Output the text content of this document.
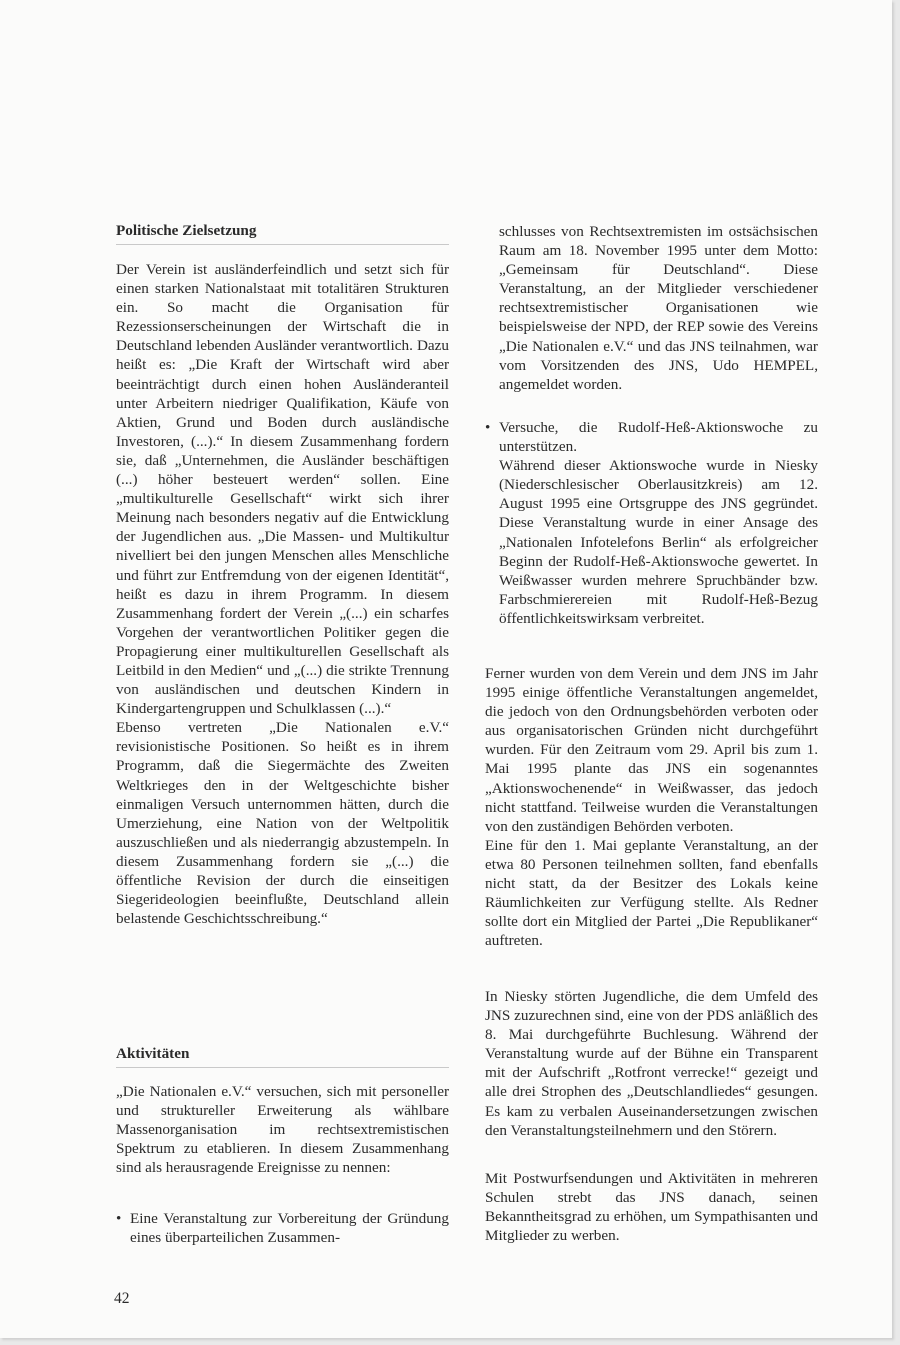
Politische Zielsetzung

Der Verein ist ausländerfeindlich und setzt sich für einen starken Nationalstaat mit totalitären Strukturen ein. So macht die Organisation für Rezessionserscheinungen der Wirtschaft die in Deutschland lebenden Ausländer verantwortlich. Dazu heißt es: „Die Kraft der Wirtschaft wird aber beeinträchtigt durch einen hohen Ausländeranteil unter Arbeitern niedriger Qualifikation, Käufe von Aktien, Grund und Boden durch ausländische Investoren, (...).“ In diesem Zusammenhang fordern sie, daß „Unternehmen, die Ausländer beschäftigen (...) höher besteuert werden“ sollen. Eine „multikulturelle Gesellschaft“ wirkt sich ihrer Meinung nach besonders negativ auf die Entwicklung der Jugendlichen aus. „Die Massen- und Multikultur nivelliert bei den jungen Menschen alles Menschliche und führt zur Entfremdung von der eigenen Identität“, heißt es dazu in ihrem Programm. In diesem Zusammenhang fordert der Verein „(...) ein scharfes Vorgehen der verantwortlichen Politiker gegen die Propagierung einer multikulturellen Gesellschaft als Leitbild in den Medien“ und „(...) die strikte Trennung von ausländischen und deutschen Kindern in Kindergartengruppen und Schulklassen (...).“

Ebenso vertreten „Die Nationalen e.V.“ revisionistische Positionen. So heißt es in ihrem Programm, daß die Siegermächte des Zweiten Weltkrieges den in der Weltgeschichte bisher einmaligen Versuch unternommen hätten, durch die Umerziehung, eine Nation von der Weltpolitik auszuschließen und als niederrangig abzustempeln. In diesem Zusammenhang fordern sie „(...) die öffentliche Revision der durch die einseitigen Siegerideologien beeinflußte, Deutschland allein belastende Geschichtsschreibung.“

Aktivitäten

„Die Nationalen e.V.“ versuchen, sich mit personeller und struktureller Erweiterung als wählbare Massenorganisation im rechtsextremistischen Spektrum zu etablieren. In diesem Zusammenhang sind als herausragende Ereignisse zu nennen:

• Eine Veranstaltung zur Vorbereitung der Gründung eines überparteilichen Zusammen-

schlusses von Rechtsextremisten im ostsächsischen Raum am 18. November 1995 unter dem Motto: „Gemeinsam für Deutschland“. Diese Veranstaltung, an der Mitglieder verschiedener rechtsextremistischer Organisationen wie beispielsweise der NPD, der REP sowie des Vereins „Die Nationalen e.V.“ und das JNS teilnahmen, war vom Vorsitzenden des JNS, Udo HEMPEL, angemeldet worden.

• Versuche, die Rudolf-Heß-Aktionswoche zu unterstützen.

Während dieser Aktionswoche wurde in Niesky (Niederschlesischer Oberlausitzkreis) am 12. August 1995 eine Ortsgruppe des JNS gegründet. Diese Veranstaltung wurde in einer Ansage des „Nationalen Infotelefons Berlin“ als erfolgreicher Beginn der Rudolf-Heß-Aktionswoche gewertet. In Weißwasser wurden mehrere Spruchbänder bzw. Farbschmierereien mit Rudolf-Heß-Bezug öffentlichkeitswirksam verbreitet.

Ferner wurden von dem Verein und dem JNS im Jahr 1995 einige öffentliche Veranstaltungen angemeldet, die jedoch von den Ordnungsbehörden verboten oder aus organisatorischen Gründen nicht durchgeführt wurden. Für den Zeitraum vom 29. April bis zum 1. Mai 1995 plante das JNS ein sogenanntes „Aktionswochenende“ in Weißwasser, das jedoch nicht stattfand. Teilweise wurden die Veranstaltungen von den zuständigen Behörden verboten.

Eine für den 1. Mai geplante Veranstaltung, an der etwa 80 Personen teilnehmen sollten, fand ebenfalls nicht statt, da der Besitzer des Lokals keine Räumlichkeiten zur Verfügung stellte. Als Redner sollte dort ein Mitglied der Partei „Die Republikaner“ auftreten.

In Niesky störten Jugendliche, die dem Umfeld des JNS zuzurechnen sind, eine von der PDS anläßlich des 8. Mai durchgeführte Buchlesung. Während der Veranstaltung wurde auf der Bühne ein Transparent mit der Aufschrift „Rotfront verrecke!“ gezeigt und alle drei Strophen des „Deutschlandliedes“ gesungen. Es kam zu verbalen Auseinandersetzungen zwischen den Veranstaltungsteilnehmern und den Störern.

Mit Postwurfsendungen und Aktivitäten in mehreren Schulen strebt das JNS danach, seinen Bekanntheitsgrad zu erhöhen, um Sympathisanten und Mitglieder zu werben.

42
